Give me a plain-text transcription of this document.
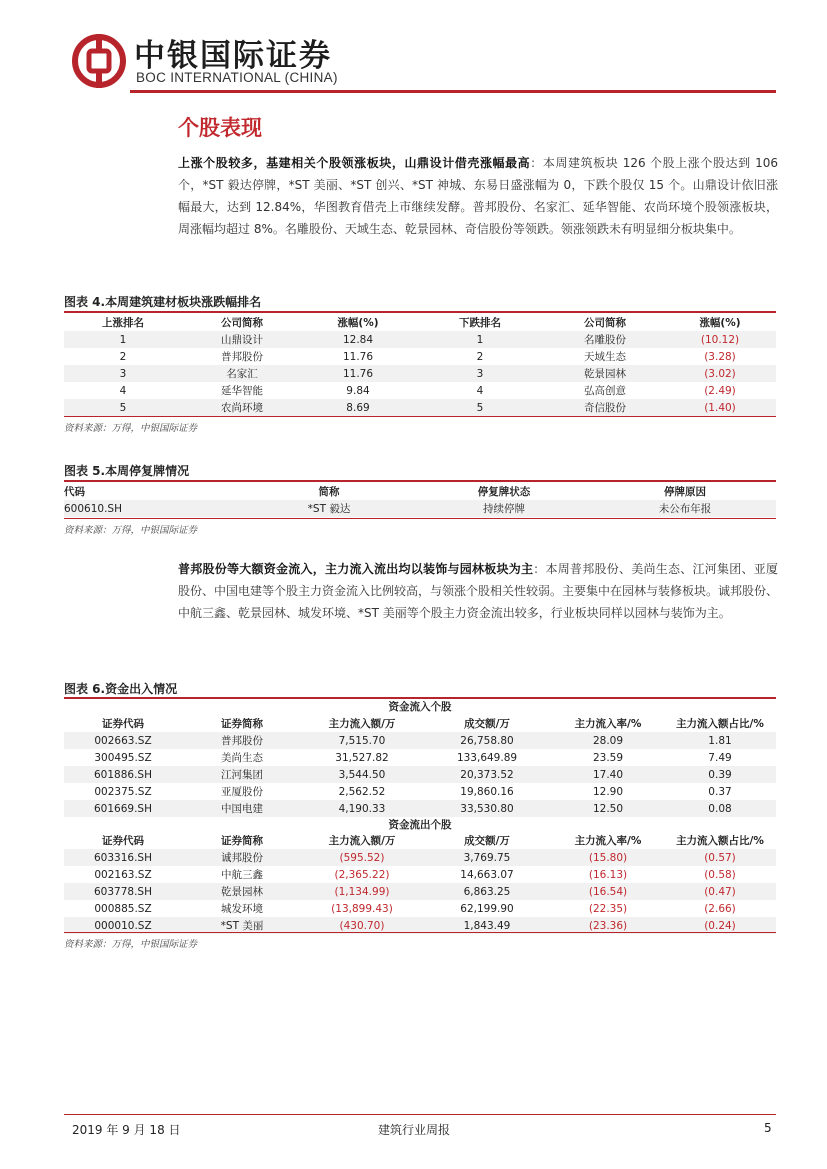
中银国际证券
BOC INTERNATIONAL (CHINA)
个股表现
上涨个股较多，基建相关个股领涨板块，山鼎设计借壳涨幅最高：本周建筑板块 126 个股上涨个股达到 106 个，*ST 毅达停牌，*ST 美丽、*ST 创兴、*ST 神城、东易日盛涨幅为 0，下跌个股仅 15 个。山鼎设计依旧涨幅最大，达到 12.84%，华图教育借壳上市继续发酵。普邦股份、名家汇、延华智能、农尚环境个股领涨板块，周涨幅均超过 8%。名雕股份、天域生态、乾景园林、奇信股份等领跌。领涨领跌未有明显细分板块集中。
图表 4.本周建筑建材板块涨跌幅排名
上涨排名	公司简称	涨幅(%)	下跌排名	公司简称	涨幅(%)
1	山鼎设计	12.84	1	名雕股份	(10.12)
2	普邦股份	11.76	2	天域生态	(3.28)
3	名家汇	11.76	3	乾景园林	(3.02)
4	延华智能	9.84	4	弘高创意	(2.49)
5	农尚环境	8.69	5	奇信股份	(1.40)
资料来源：万得，中银国际证券
图表 5.本周停复牌情况
代码	简称	停复牌状态	停牌原因
600610.SH	*ST 毅达	持续停牌	未公布年报
资料来源：万得，中银国际证券
普邦股份等大额资金流入，主力流入流出均以装饰与园林板块为主：本周普邦股份、美尚生态、江河集团、亚厦股份、中国电建等个股主力资金流入比例较高，与领涨个股相关性较弱。主要集中在园林与装修板块。诚邦股份、中航三鑫、乾景园林、城发环境、*ST 美丽等个股主力资金流出较多，行业板块同样以园林与装饰为主。
图表 6.资金出入情况
资金流入个股					
证券代码	证券简称	主力流入额/万	成交额/万	主力流入率/%	主力流入额占比/%
002663.SZ	普邦股份	7,515.70	26,758.80	28.09	1.81
300495.SZ	美尚生态	31,527.82	133,649.89	23.59	7.49
601886.SH	江河集团	3,544.50	20,373.52	17.40	0.39
002375.SZ	亚厦股份	2,562.52	19,860.16	12.90	0.37
601669.SH	中国电建	4,190.33	33,530.80	12.50	0.08
资金流出个股					
证券代码	证券简称	主力流入额/万	成交额/万	主力流入率/%	主力流入额占比/%
603316.SH	诚邦股份	(595.52)	3,769.75	(15.80)	(0.57)
002163.SZ	中航三鑫	(2,365.22)	14,663.07	(16.13)	(0.58)
603778.SH	乾景园林	(1,134.99)	6,863.25	(16.54)	(0.47)
000885.SZ	城发环境	(13,899.43)	62,199.90	(22.35)	(2.66)
000010.SZ	*ST 美丽	(430.70)	1,843.49	(23.36)	(0.24)
资料来源：万得，中银国际证券
2019 年 9 月 18 日	建筑行业周报	5
